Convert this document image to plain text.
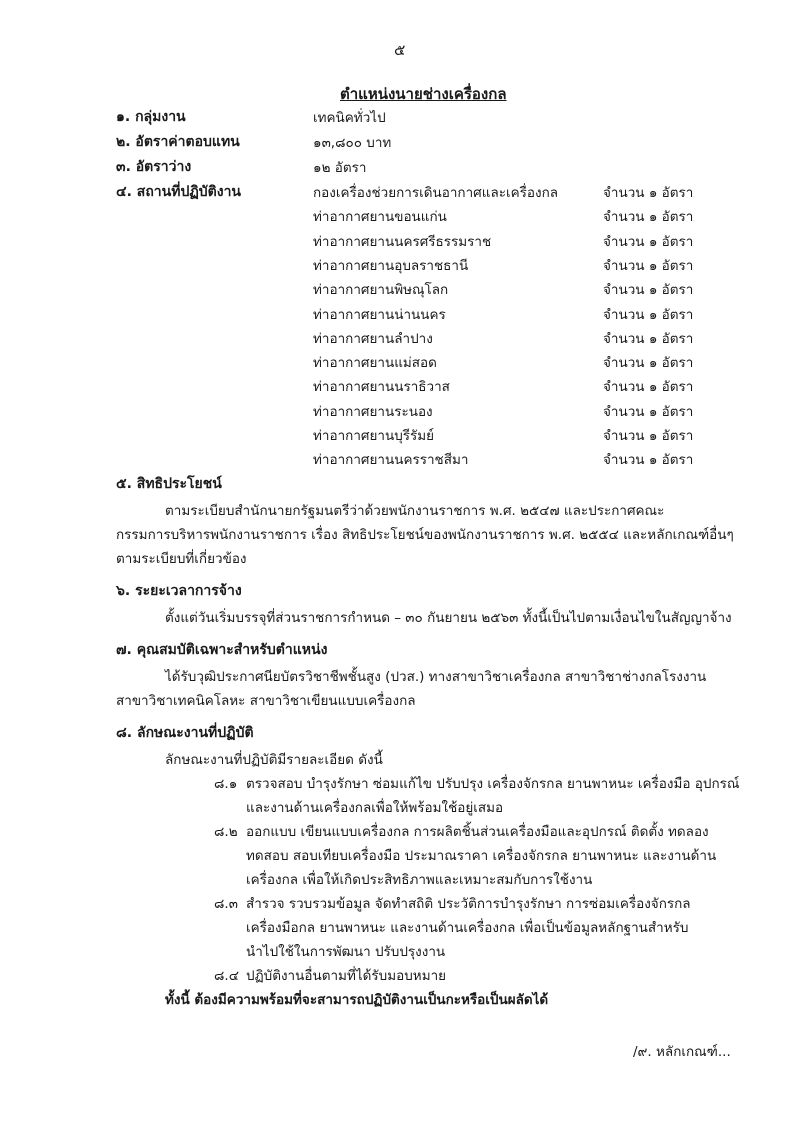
๕
ตำแหน่งนายช่างเครื่องกล
๑. กลุ่มงาน	เทคนิคทั่วไป
๒. อัตราค่าตอบแทน	๑๓,๘๐๐ บาท
๓. อัตราว่าง	๑๒ อัตรา
๔. สถานที่ปฏิบัติงาน	กองเครื่องช่วยการเดินอากาศและเครื่องกล	จำนวน ๑ อัตรา
ท่าอากาศยานขอนแก่น	จำนวน ๑ อัตรา
ท่าอากาศยานนครศรีธรรมราช	จำนวน ๑ อัตรา
ท่าอากาศยานอุบลราชธานี	จำนวน ๑ อัตรา
ท่าอากาศยานพิษณุโลก	จำนวน ๑ อัตรา
ท่าอากาศยานน่านนคร	จำนวน ๑ อัตรา
ท่าอากาศยานลำปาง	จำนวน ๑ อัตรา
ท่าอากาศยานแม่สอด	จำนวน ๑ อัตรา
ท่าอากาศยานนราธิวาส	จำนวน ๑ อัตรา
ท่าอากาศยานระนอง	จำนวน ๑ อัตรา
ท่าอากาศยานบุรีรัมย์	จำนวน ๑ อัตรา
ท่าอากาศยานนครราชสีมา	จำนวน ๑ อัตรา
๕. สิทธิประโยชน์
ตามระเบียบสำนักนายกรัฐมนตรีว่าด้วยพนักงานราชการ พ.ศ. ๒๕๔๗ และประกาศคณะ
กรรมการบริหารพนักงานราชการ เรื่อง สิทธิประโยชน์ของพนักงานราชการ พ.ศ. ๒๕๕๔ และหลักเกณฑ์อื่นๆ
ตามระเบียบที่เกี่ยวข้อง
๖. ระยะเวลาการจ้าง
ตั้งแต่วันเริ่มบรรจุที่ส่วนราชการกำหนด – ๓๐ กันยายน ๒๕๖๓ ทั้งนี้เป็นไปตามเงื่อนไขในสัญญาจ้าง
๗. คุณสมบัติเฉพาะสำหรับตำแหน่ง
ได้รับวุฒิประกาศนียบัตรวิชาชีพชั้นสูง (ปวส.) ทางสาขาวิชาเครื่องกล สาขาวิชาช่างกลโรงงาน
สาขาวิชาเทคนิคโลหะ สาขาวิชาเขียนแบบเครื่องกล
๘. ลักษณะงานที่ปฏิบัติ
ลักษณะงานที่ปฏิบัติมีรายละเอียด ดังนี้
๘.๑ ตรวจสอบ บำรุงรักษา ซ่อมแก้ไข ปรับปรุง เครื่องจักรกล ยานพาหนะ เครื่องมือ อุปกรณ์
และงานด้านเครื่องกลเพื่อให้พร้อมใช้อยู่เสมอ
๘.๒ ออกแบบ เขียนแบบเครื่องกล การผลิตชิ้นส่วนเครื่องมือและอุปกรณ์ ติดตั้ง ทดลอง
ทดสอบ สอบเทียบเครื่องมือ ประมาณราคา เครื่องจักรกล ยานพาหนะ และงานด้าน
เครื่องกล เพื่อให้เกิดประสิทธิภาพและเหมาะสมกับการใช้งาน
๘.๓ สำรวจ รวบรวมข้อมูล จัดทำสถิติ ประวัติการบำรุงรักษา การซ่อมเครื่องจักรกล
เครื่องมือกล ยานพาหนะ และงานด้านเครื่องกล เพื่อเป็นข้อมูลหลักฐานสำหรับ
นำไปใช้ในการพัฒนา ปรับปรุงงาน
๘.๔ ปฏิบัติงานอื่นตามที่ได้รับมอบหมาย
ทั้งนี้ ต้องมีความพร้อมที่จะสามารถปฏิบัติงานเป็นกะหรือเป็นผลัดได้
/๙. หลักเกณฑ์...
